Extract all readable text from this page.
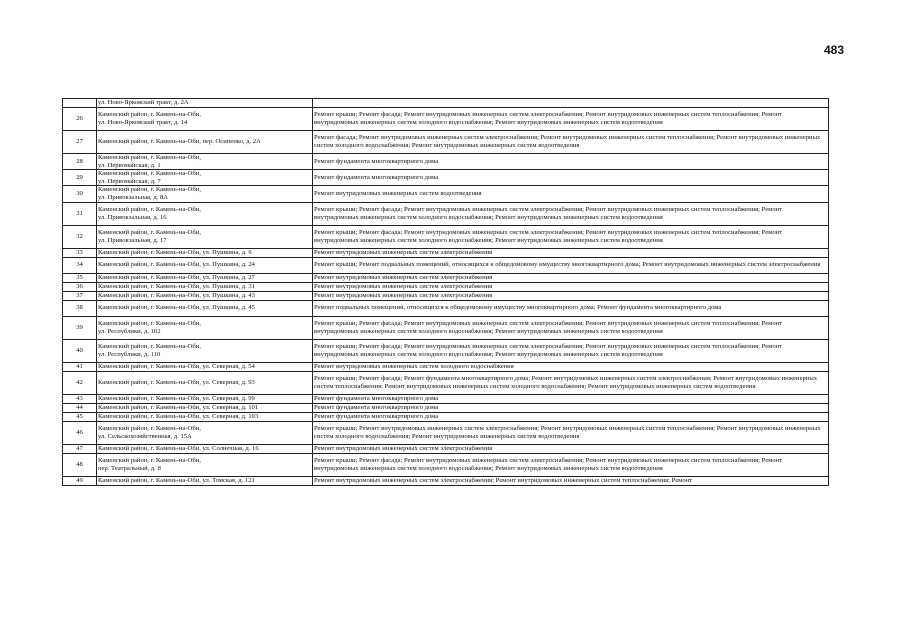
483

	ул. Ново-Ярковский тракт, д. 2А	

26	Каменский район, г. Камень-на-Оби,
ул. Ново-Ярковский тракт, д. 14	Ремонт крыши; Ремонт фасада; Ремонт внутридомовых инженерных систем электроснабжения; Ремонт внутридомовых инженерных систем теплоснабжения; Ремонт внутридомовых инженерных систем холодного водоснабжения; Ремонт внутридомовых инженерных систем водоотведения
27	Каменский район, г. Камень-на-Оби, пер. Осипенко, д. 2А	Ремонт фасада; Ремонт внутридомовых инженерных систем электроснабжения; Ремонт внутридомовых инженерных систем теплоснабжения; Ремонт внутридомовых инженерных систем холодного водоснабжения; Ремонт внутридомовых инженерных систем водоотведения
28	Каменский район, г. Камень-на-Оби,
ул. Первомайская, д. 1	Ремонт фундамента многоквартирного дома
29	Каменский район, г. Камень-на-Оби,
ул. Первомайская, д. 7	Ремонт фундамента многоквартирного дома
30	Каменский район, г. Камень-на-Оби,
ул. Привокзальная, д. 8А	Ремонт внутридомовых инженерных систем водоотведения
31	Каменский район, г. Камень-на-Оби,
ул. Привокзальная, д. 16	Ремонт крыши; Ремонт фасада; Ремонт внутридомовых инженерных систем электроснабжения; Ремонт внутридомовых инженерных систем теплоснабжения; Ремонт внутридомовых инженерных систем холодного водоснабжения; Ремонт внутридомовых инженерных систем водоотведения
32	Каменский район, г. Камень-на-Оби,
ул. Привокзальная, д. 17	Ремонт крыши; Ремонт фасада; Ремонт внутридомовых инженерных систем электроснабжения; Ремонт внутридомовых инженерных систем теплоснабжения; Ремонт внутридомовых инженерных систем холодного водоснабжения; Ремонт внутридомовых инженерных систем водоотведения
33	Каменский район, г. Камень-на-Оби, ул. Пушкина, д. 6	Ремонт внутридомовых инженерных систем электроснабжения
34	Каменский район, г. Камень-на-Оби, ул. Пушкина, д. 24	Ремонт крыши; Ремонт подвальных помещений, относящихся к общедомовому имуществу многоквартирного дома; Ремонт внутридомовых инженерных систем электроснабжения
35	Каменский район, г. Камень-на-Оби, ул. Пушкина, д. 27	Ремонт внутридомовых инженерных систем электроснабжения
36	Каменский район, г. Камень-на-Оби, ул. Пушкина, д. 31	Ремонт внутридомовых инженерных систем электроснабжения
37	Каменский район, г. Камень-на-Оби, ул. Пушкина, д. 43	Ремонт внутридомовых инженерных систем электроснабжения
38	Каменский район, г. Камень-на-Оби, ул. Пушкина, д. 45	Ремонт подвальных помещений, относящихся к общедомовому имуществу многоквартирного дома; Ремонт фундамента многоквартирного дома
39	Каменский район, г. Камень-на-Оби,
ул. Республики, д. 102	Ремонт крыши; Ремонт фасада; Ремонт внутридомовых инженерных систем электроснабжения; Ремонт внутридомовых инженерных систем теплоснабжения; Ремонт внутридомовых инженерных систем холодного водоснабжения; Ремонт внутридомовых инженерных систем водоотведения
40	Каменский район, г. Камень-на-Оби,
ул. Республики, д. 110	Ремонт крыши; Ремонт фасада; Ремонт внутридомовых инженерных систем электроснабжения; Ремонт внутридомовых инженерных систем теплоснабжения; Ремонт внутридомовых инженерных систем холодного водоснабжения; Ремонт внутридомовых инженерных систем водоотведения
41	Каменский район, г. Камень-на-Оби, ул. Северная, д. 54	Ремонт внутридомовых инженерных систем холодного водоснабжения
42	Каменский район, г. Камень-на-Оби, ул. Северная, д. 93	Ремонт крыши; Ремонт фасада; Ремонт фундамента многоквартирного дома; Ремонт внутридомовых инженерных систем электроснабжения; Ремонт внутридомовых инженерных систем теплоснабжения; Ремонт внутридомовых инженерных систем холодного водоснабжения; Ремонт внутридомовых инженерных систем водоотведения
43	Каменский район, г. Камень-на-Оби, ул. Северная, д. 99	Ремонт фундамента многоквартирного дома
44	Каменский район, г. Камень-на-Оби, ул. Северная, д. 101	Ремонт фундамента многоквартирного дома
45	Каменский район, г. Камень-на-Оби, ул. Северная, д. 103	Ремонт фундамента многоквартирного дома
46	Каменский район, г. Камень-на-Оби,
ул. Сельскохозяйственная, д. 15А	Ремонт крыши; Ремонт внутридомовых инженерных систем электроснабжения; Ремонт внутридомовых инженерных систем теплоснабжения; Ремонт внутридомовых инженерных систем холодного водоснабжения; Ремонт внутридомовых инженерных систем водоотведения
47	Каменский район, г. Камень-на-Оби, ул. Солнечная, д. 16	Ремонт внутридомовых инженерных систем электроснабжения
48	Каменский район, г. Камень-на-Оби,
пер. Театральный, д. 8	Ремонт крыши; Ремонт фасада; Ремонт внутридомовых инженерных систем электроснабжения; Ремонт внутридомовых инженерных систем теплоснабжения; Ремонт внутридомовых инженерных систем холодного водоснабжения; Ремонт внутридомовых инженерных систем водоотведения
49	Каменский район, г. Камень-на-Оби, ул. Томская, д. 121	Ремонт внутридомовых инженерных систем электроснабжения; Ремонт внутридомовых инженерных систем теплоснабжения; Ремонт
